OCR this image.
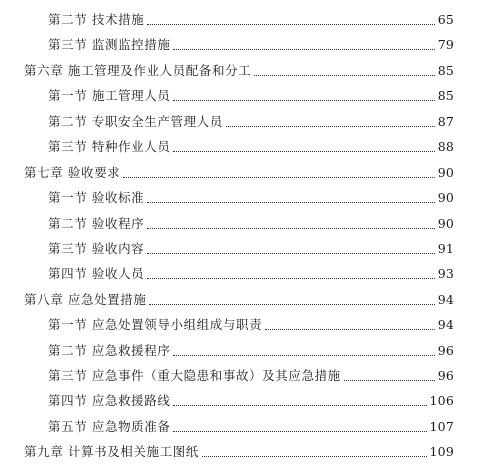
第二节 技术措施	65
第三节 监测监控措施	79
第六章 施工管理及作业人员配备和分工	85
第一节 施工管理人员	85
第二节 专职安全生产管理人员	87
第三节 特种作业人员	88
第七章 验收要求	90
第一节 验收标准	90
第二节 验收程序	90
第三节 验收内容	91
第四节 验收人员	93
第八章 应急处置措施	94
第一节 应急处置领导小组组成与职责	94
第二节 应急救援程序	96
第三节 应急事件（重大隐患和事故）及其应急措施	96
第四节 应急救援路线	106
第五节 应急物质准备	107
第九章 计算书及相关施工图纸	109
